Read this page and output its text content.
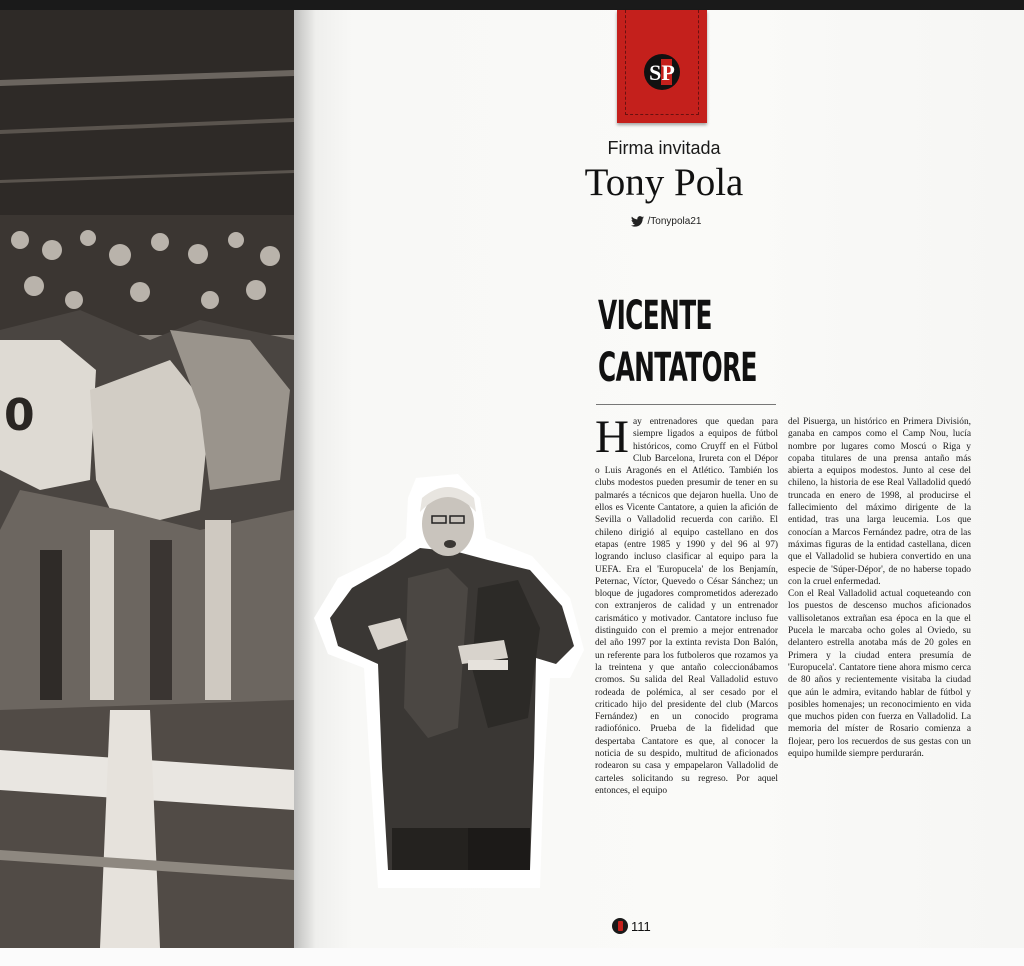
0
SP
Firma invitada
Tony Pola
/Tonypola21
VICENTE
CANTATORE

Hay entrenadores que quedan para siempre ligados a equipos de fútbol históricos, como Cruyff en el Fútbol Club Barcelona, Irureta con el Dépor o Luis Aragonés en el Atlético. También los clubs modestos pueden presumir de tener en su palmarés a técnicos que dejaron huella. Uno de ellos es Vicente Cantatore, a quien la afición de Sevilla o Valladolid recuerda con cariño. El chileno dirigió al equipo castellano en dos etapas (entre 1985 y 1990 y del 96 al 97) logrando incluso clasificar al equipo para la UEFA. Era el 'Europucela' de los Benjamín, Peternac, Víctor, Quevedo o César Sánchez; un bloque de jugadores comprometidos aderezado con extranjeros de calidad y un entrenador carismático y motivador. Cantatore incluso fue distinguido con el premio a mejor entrenador del año 1997 por la extinta revista Don Balón, un referente para los futboleros que rozamos ya la treintena y que antaño coleccionábamos cromos. Su salida del Real Valladolid estuvo rodeada de polémica, al ser cesado por el criticado hijo del presidente del club (Marcos Fernández) en un conocido programa radiofónico. Prueba de la fidelidad que despertaba Cantatore es que, al conocer la noticia de su despido, multitud de aficionados rodearon su casa y empapelaron Valladolid de carteles solicitando su regreso. Por aquel entonces, el equipo

del Pisuerga, un histórico en Primera División, ganaba en campos como el Camp Nou, lucía nombre por lugares como Moscú o Riga y copaba titulares de una prensa antaño más abierta a equipos modestos. Junto al cese del chileno, la historia de ese Real Valladolid quedó truncada en enero de 1998, al producirse el fallecimiento del máximo dirigente de la entidad, tras una larga leucemia. Los que conocían a Marcos Fernández padre, otra de las máximas figuras de la entidad castellana, dicen que el Valladolid se hubiera convertido en una especie de 'Súper-Dépor', de no haberse topado con la cruel enfermedad.

Con el Real Valladolid actual coqueteando con los puestos de descenso muchos aficionados vallisoletanos extrañan esa época en la que el Pucela le marcaba ocho goles al Oviedo, su delantero estrella anotaba más de 20 goles en Primera y la ciudad entera presumía de 'Europucela'. Cantatore tiene ahora mismo cerca de 80 años y recientemente visitaba la ciudad que aún le admira, evitando hablar de fútbol y posibles homenajes; un reconocimiento en vida que muchos piden con fuerza en Valladolid. La memoria del míster de Rosario comienza a flojear, pero los recuerdos de sus gestas con un equipo humilde siempre perdurarán.

111
